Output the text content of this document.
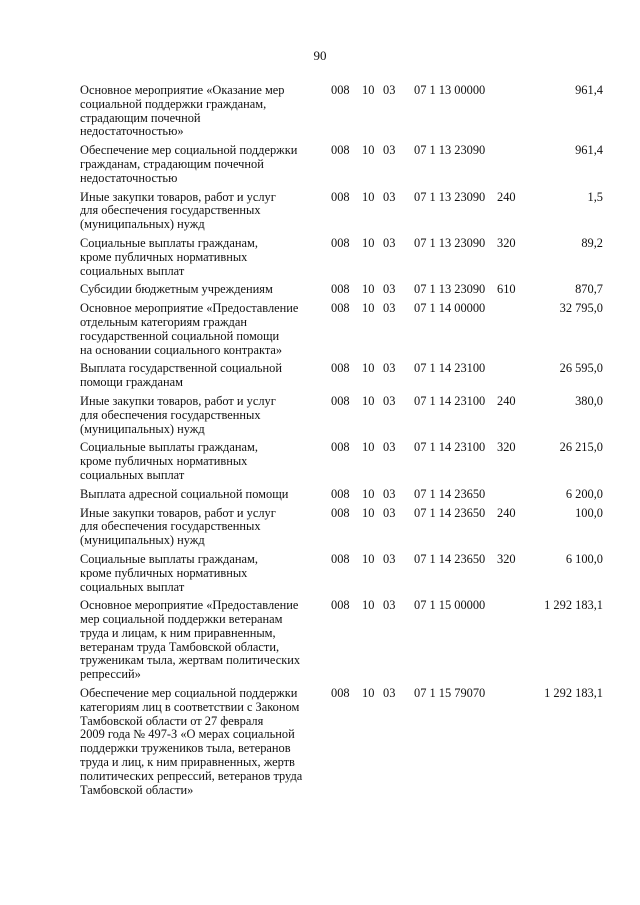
90
Основное мероприятие «Оказание мер
социальной поддержки гражданам,
страдающим почечной
недостаточностью»
008 10 03 07 1 13 00000	961,4
Обеспечение мер социальной поддержки
гражданам, страдающим почечной
недостаточностью
008 10 03 07 1 13 23090	961,4
Иные закупки товаров, работ и услуг
для обеспечения государственных
(муниципальных) нужд
008 10 03 07 1 13 23090 240	1,5
Социальные выплаты гражданам,
кроме публичных нормативных
социальных выплат
008 10 03 07 1 13 23090 320	89,2
Субсидии бюджетным учреждениям	008 10 03 07 1 13 23090 610	870,7
Основное мероприятие «Предоставление
отдельным категориям граждан
государственной социальной помощи
на основании социального контракта»
008 10 03 07 1 14 00000	32 795,0
Выплата государственной социальной
помощи гражданам
008 10 03 07 1 14 23100	26 595,0
Иные закупки товаров, работ и услуг
для обеспечения государственных
(муниципальных) нужд
008 10 03 07 1 14 23100 240	380,0
Социальные выплаты гражданам,
кроме публичных нормативных
социальных выплат
008 10 03 07 1 14 23100 320	26 215,0
Выплата адресной социальной помощи	008 10 03 07 1 14 23650	6 200,0
Иные закупки товаров, работ и услуг
для обеспечения государственных
(муниципальных) нужд
008 10 03 07 1 14 23650 240	100,0
Социальные выплаты гражданам,
кроме публичных нормативных
социальных выплат
008 10 03 07 1 14 23650 320	6 100,0
Основное мероприятие «Предоставление
мер социальной поддержки ветеранам
труда и лицам, к ним приравненным,
ветеранам труда Тамбовской области,
труженикам тыла, жертвам политических
репрессий»
008 10 03 07 1 15 00000	1 292 183,1
Обеспечение мер социальной поддержки
категориям лиц в соответствии с Законом
Тамбовской области от 27 февраля
2009 года № 497-З «О мерах социальной
поддержки тружеников тыла, ветеранов
труда и лиц, к ним приравненных, жертв
политических репрессий, ветеранов труда
Тамбовской области»
008 10 03 07 1 15 79070	1 292 183,1
